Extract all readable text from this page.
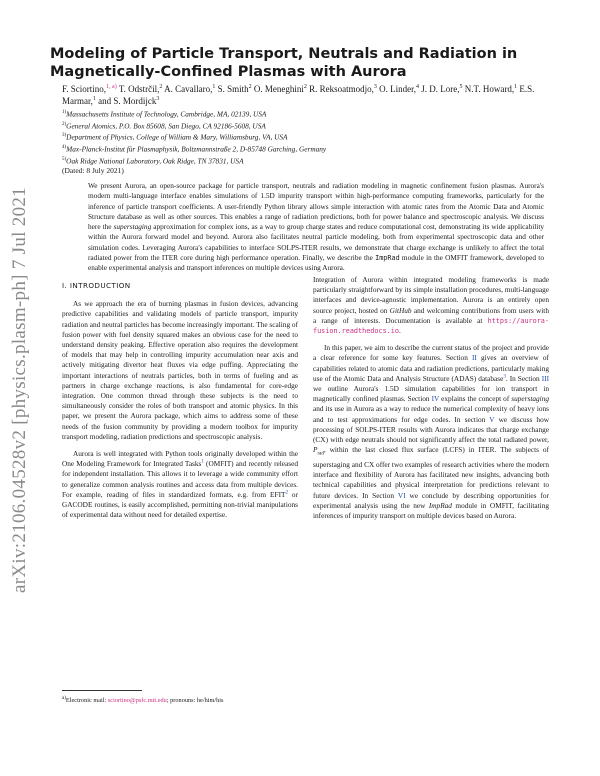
arXiv:2106.04528v2 [physics.plasm-ph] 7 Jul 2021
Modeling of Particle Transport, Neutrals and Radiation in
Magnetically-Confined Plasmas with Aurora

F. Sciortino,$^{1, a)}$ T. Odstrčil,$^2$ A. Cavallaro,$^1$ S. Smith$^2$ O. Meneghini$^2$ R. Reksoatmodjo,$^3$ O. Linder,$^4$ J. D. Lore,$^5$ N.T. Howard,$^1$ E.S. Marmar,$^1$ and S. Mordijck$^3$

$^{1)}$Massachusetts Institute of Technology, Cambridge, MA, 02139, USA
$^{2)}$General Atomics, P.O. Box 85608, San Diego, CA 92186-5608, USA
$^{3)}$Department of Physics, College of William & Mary, Williamsburg, VA, USA
$^{4)}$Max-Planck-Institut für Plasmaphysik, Boltzmannstraße 2, D-85748 Garching, Germany
$^{5)}$Oak Ridge National Laboratory, Oak Ridge, TN 37831, USA
(Dated: 8 July 2021)

We present Aurora, an open-source package for particle transport, neutrals and radiation modeling in magnetic confinement fusion plasmas. Aurora's modern multi-language interface enables simulations of 1.5D impurity transport within high-performance computing frameworks, particularly for the inference of particle transport coefficients. A user-friendly Python library allows simple interaction with atomic rates from the Atomic Data and Atomic Structure database as well as other sources. This enables a range of radiation predictions, both for power balance and spectroscopic analysis. We discuss here the superstaging approximation for complex ions, as a way to group charge states and reduce computational cost, demonstrating its wide applicability within the Aurora forward model and beyond. Aurora also facilitates neutral particle modeling, both from experimental spectroscopic data and other simulation codes. Leveraging Aurora's capabilities to interface SOLPS-ITER results, we demonstrate that charge exchange is unlikely to affect the total radiated power from the ITER core during high performance operation. Finally, we describe the ImpRad module in the OMFIT framework, developed to enable experimental analysis and transport inferences on multiple devices using Aurora.

I. INTRODUCTION

As we approach the era of burning plasmas in fusion devices, advancing predictive capabilities and validating models of particle transport, impurity radiation and neutral particles has become increasingly important. The scaling of fusion power with fuel density squared makes an obvious case for the need to understand density peaking. Effective operation also requires the development of models that may help in controlling impurity accumulation near axis and actively mitigating divertor heat fluxes via edge puffing. Appreciating the important interactions of neutrals particles, both in terms of fueling and as partners in charge exchange reactions, is also fundamental for core-edge integration. One common thread through these subjects is the need to simultaneously consider the roles of both transport and atomic physics. In this paper, we present the Aurora package, which aims to address some of these needs of the fusion community by providing a modern toolbox for impurity transport modeling, radiation predictions and spectroscopic analysis.

Aurora is well integrated with Python tools originally developed within the One Modeling Framework for Integrated Tasks$^1$ (OMFIT) and recently released for independent installation. This allows it to leverage a wide community effort to generalize common analysis routines and access data from multiple devices. For example, reading of files in standardized formats, e.g. from EFIT$^2$ or GACODE routines, is easily accomplished, permitting non-trivial manipulations of experimental data without need for detailed expertise.

Integration of Aurora within integrated modeling frameworks is made particularly straightforward by its simple installation procedures, multi-language interfaces and device-agnostic implementation. Aurora is an entirely open source project, hosted on GitHub and welcoming contributions from users with a range of interests. Documentation is available at https://aurora-fusion.readthedocs.io.

In this paper, we aim to describe the current status of the project and provide a clear reference for some key features. Section II gives an overview of capabilities related to atomic data and radiation predictions, particularly making use of the Atomic Data and Analysis Structure (ADAS) database$^3$. In Section III we outline Aurora's 1.5D simulation capabilities for ion transport in magnetically confined plasmas. Section IV explains the concept of superstaging and its use in Aurora as a way to reduce the numerical complexity of heavy ions and to test approximations for edge codes. In section V we discuss how processing of SOLPS-ITER results with Aurora indicates that charge exchange (CX) with edge neutrals should not significantly affect the total radiated power, $P_{rad}$, within the last closed flux surface (LCFS) in ITER. The subjects of superstaging and CX offer two examples of research activities where the modern interface and flexibility of Aurora has facilitated new insights, advancing both technical capabilities and physical interpretation for predictions relevant to future devices. In Section VI we conclude by describing opportunities for experimental analysis using the new ImpRad module in OMFIT, facilitating inferences of impurity transport on multiple devices based on Aurora.

$^{a)}$Electronic mail: sciortino@psfc.mit.edu; pronouns: he/him/his
